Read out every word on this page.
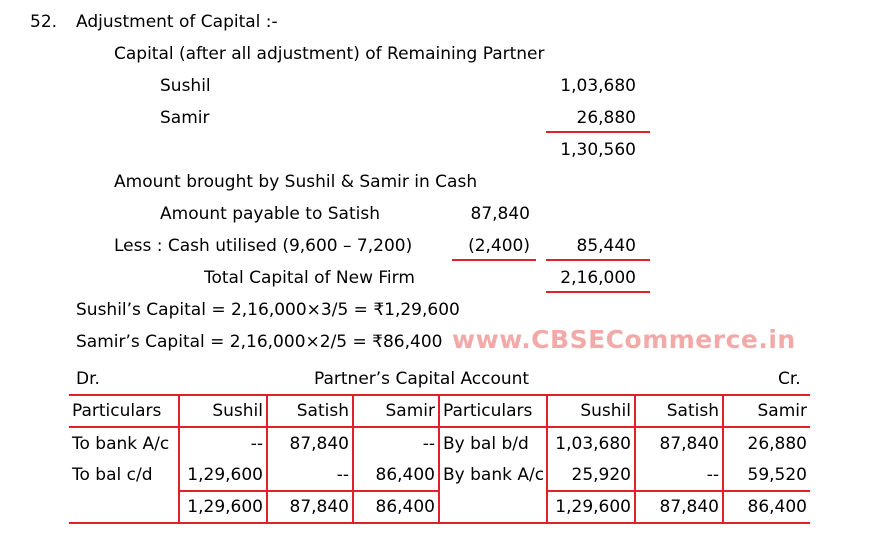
52. Adjustment of Capital :-
Capital (after all adjustment) of Remaining Partner
Sushil	1,03,680
Samir	26,880
1,30,560
Amount brought by Sushil & Samir in Cash
Amount payable to Satish	87,840
Less : Cash utilised (9,600 – 7,200)	(2,400)	85,440
Total Capital of New Firm	2,16,000
Sushil’s Capital = 2,16,000×3/5 = ₹1,29,600
Samir’s Capital = 2,16,000×2/5 = ₹86,400 www.CBSECommerce.in
Dr.	Partner’s Capital Account	Cr.
Particulars	Sushil	Satish	Samir	Particulars	Sushil	Satish	Samir
To bank A/c	--	87,840	--	By bal b/d	1,03,680	87,840	26,880
To bal c/d	1,29,600	--	86,400	By bank A/c	25,920	--	59,520
	1,29,600	87,840	86,400		1,29,600	87,840	86,400
